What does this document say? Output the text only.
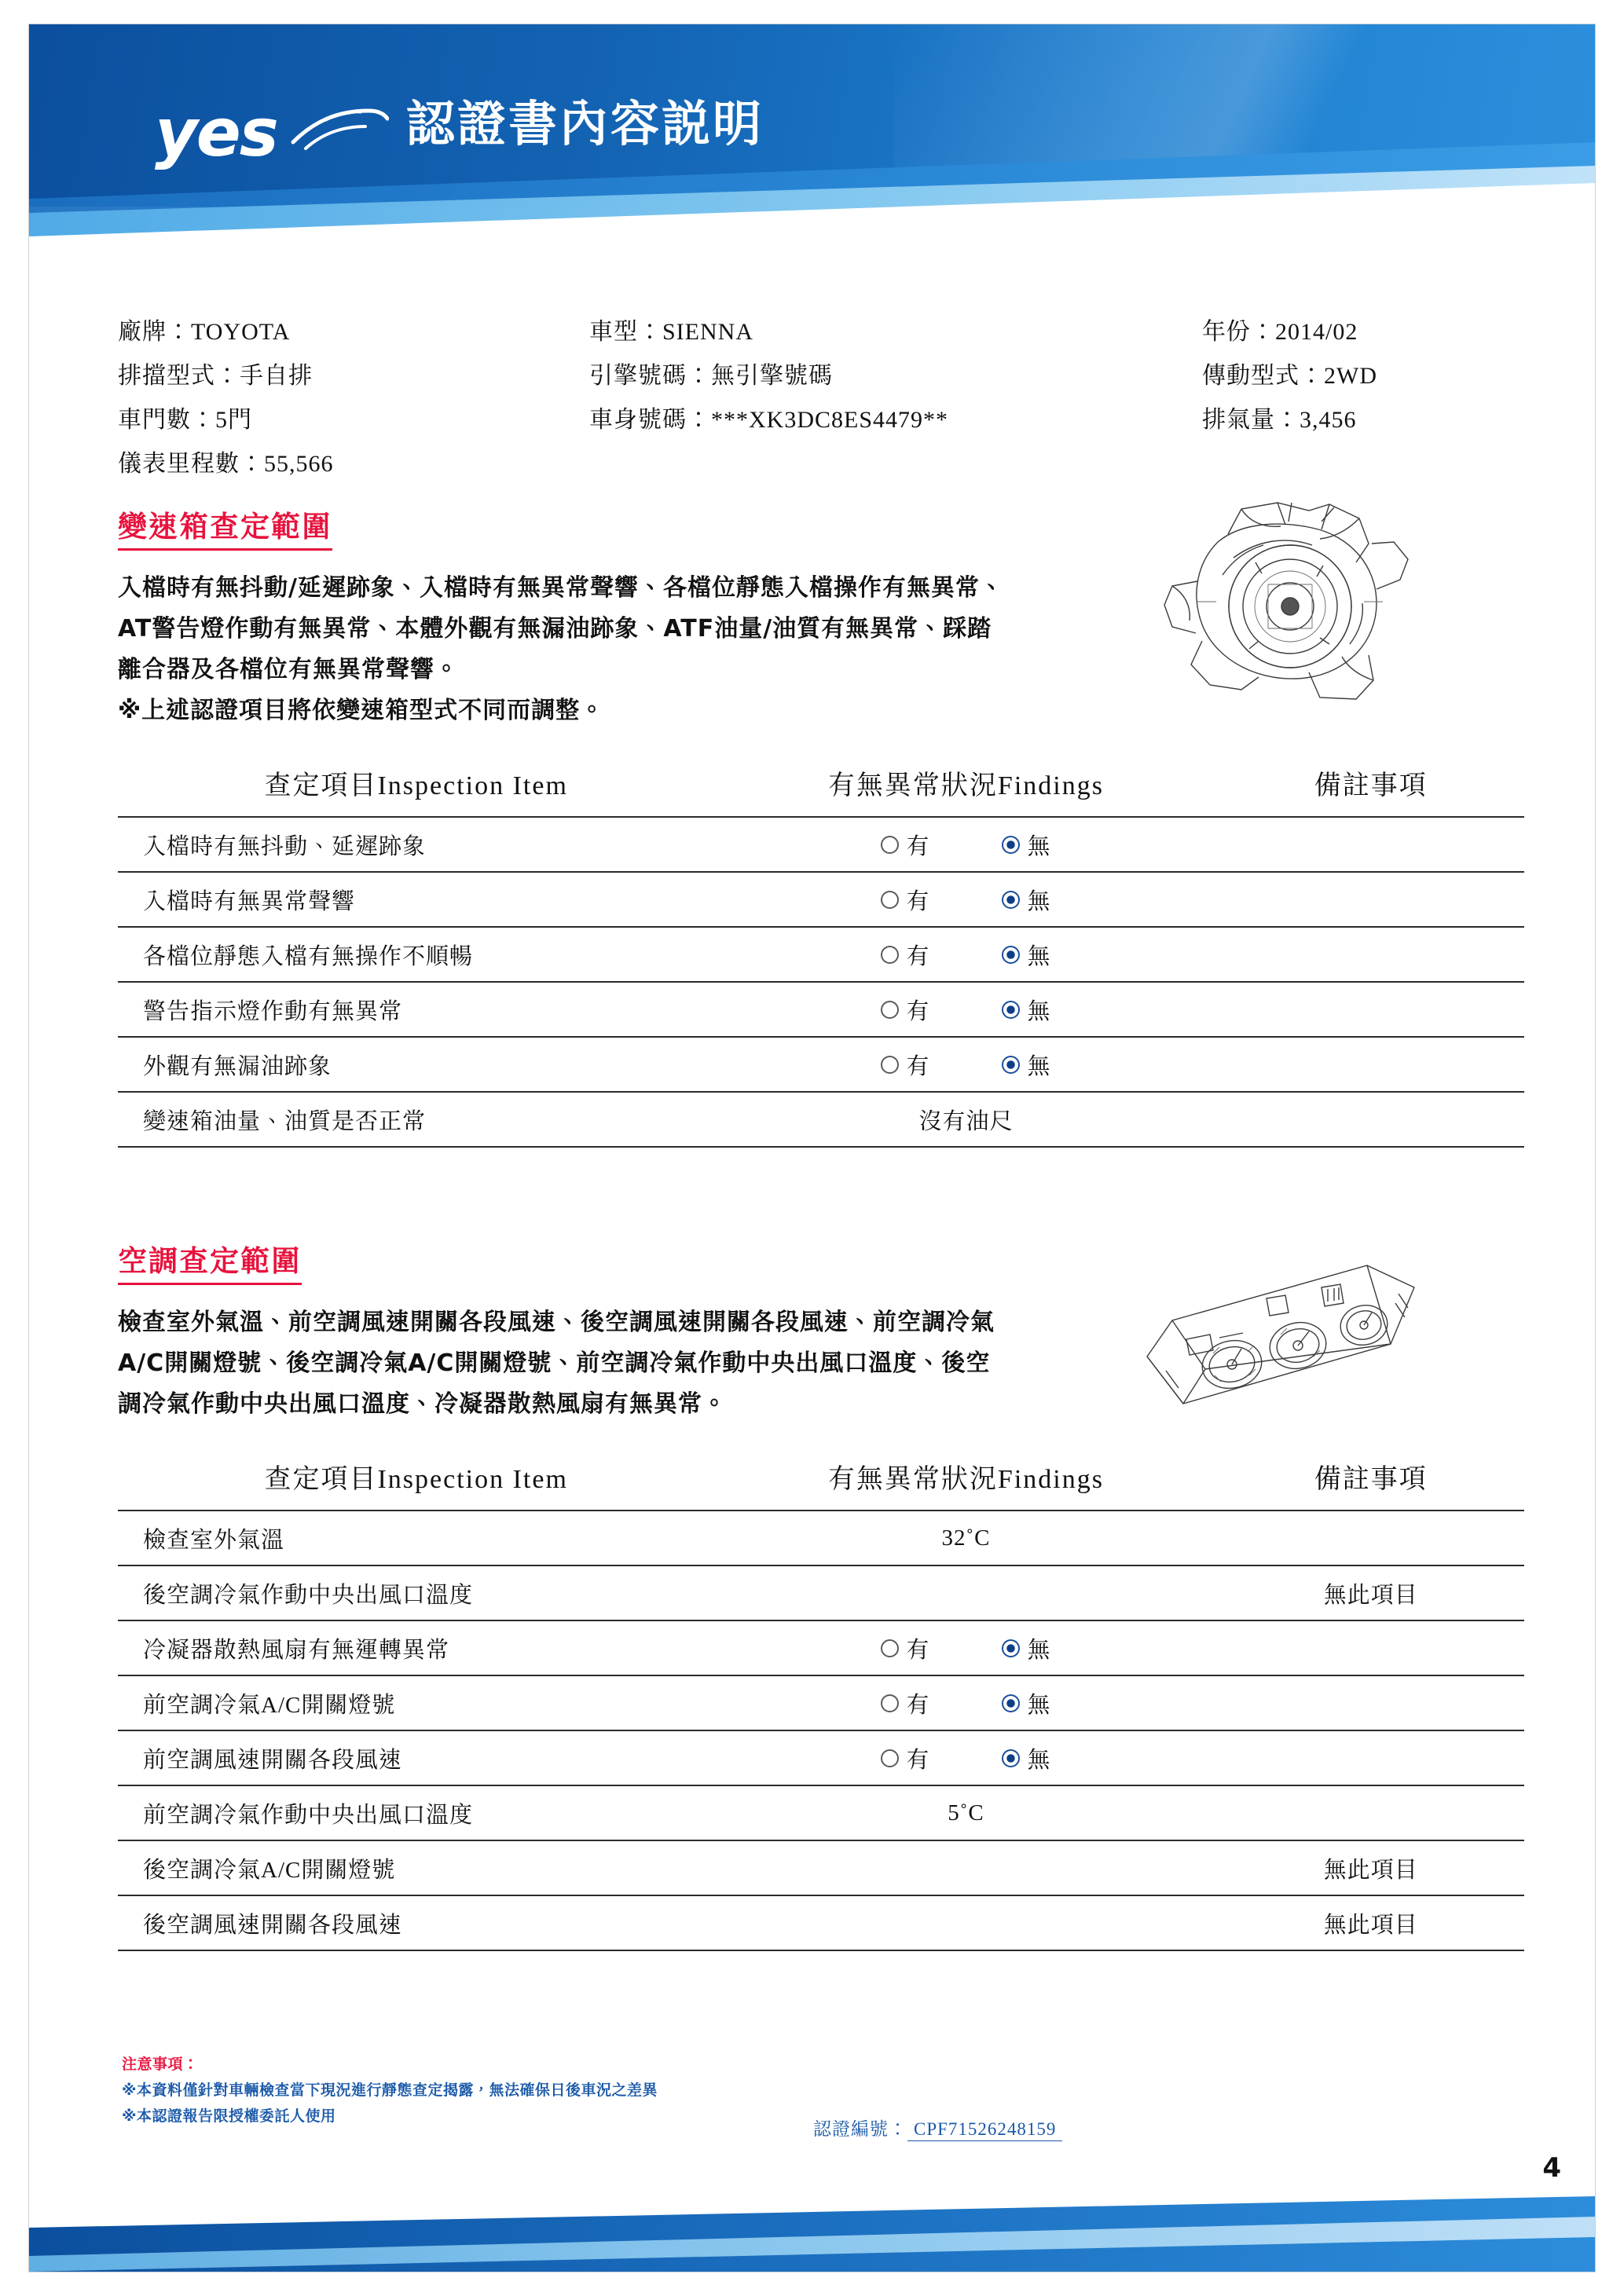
yes	認證書內容説明
廠牌：TOYOTA	車型：SIENNA	年份：2014/02
排擋型式：手自排	引擎號碼：無引擎號碼	傳動型式：2WD
車門數：5門	車身號碼：***XK3DC8ES4479**	排氣量：3,456
儀表里程數：55,566
變速箱查定範圍
入檔時有無抖動/延遲跡象、入檔時有無異常聲響、各檔位靜態入檔操作有無異常、AT警告燈作動有無異常、本體外觀有無漏油跡象、ATF油量/油質有無異常、踩踏離合器及各檔位有無異常聲響。
※上述認證項目將依變速箱型式不同而調整。
查定項目Inspection Item	有無異常狀況Findings	備註事項
入檔時有無抖動、延遲跡象	有 無	

入檔時有無異常聲響	有 無	

各檔位靜態入檔有無操作不順暢	有 無	

警告指示燈作動有無異常	有 無	

外觀有無漏油跡象	有 無	

變速箱油量、油質是否正常	沒有油尺	
空調查定範圍
檢查室外氣溫、前空調風速開關各段風速、後空調風速開關各段風速、前空調冷氣A/C開關燈號、後空調冷氣A/C開關燈號、前空調冷氣作動中央出風口溫度、後空調冷氣作動中央出風口溫度、冷凝器散熱風扇有無異常。
查定項目Inspection Item	有無異常狀況Findings	備註事項
檢查室外氣溫	32˚C	
後空調冷氣作動中央出風口溫度		無此項目
冷凝器散熱風扇有無運轉異常	有 無	

前空調冷氣A/C開關燈號	有 無	

前空調風速開關各段風速	有 無	

前空調冷氣作動中央出風口溫度	5˚C	
後空調冷氣A/C開關燈號		無此項目
後空調風速開關各段風速		無此項目
注意事項：
※本資料僅針對車輛檢查當下現況進行靜態查定揭露，無法確保日後車況之差異
※本認證報告限授權委託人使用
認證編號： CPF71526248159
4
